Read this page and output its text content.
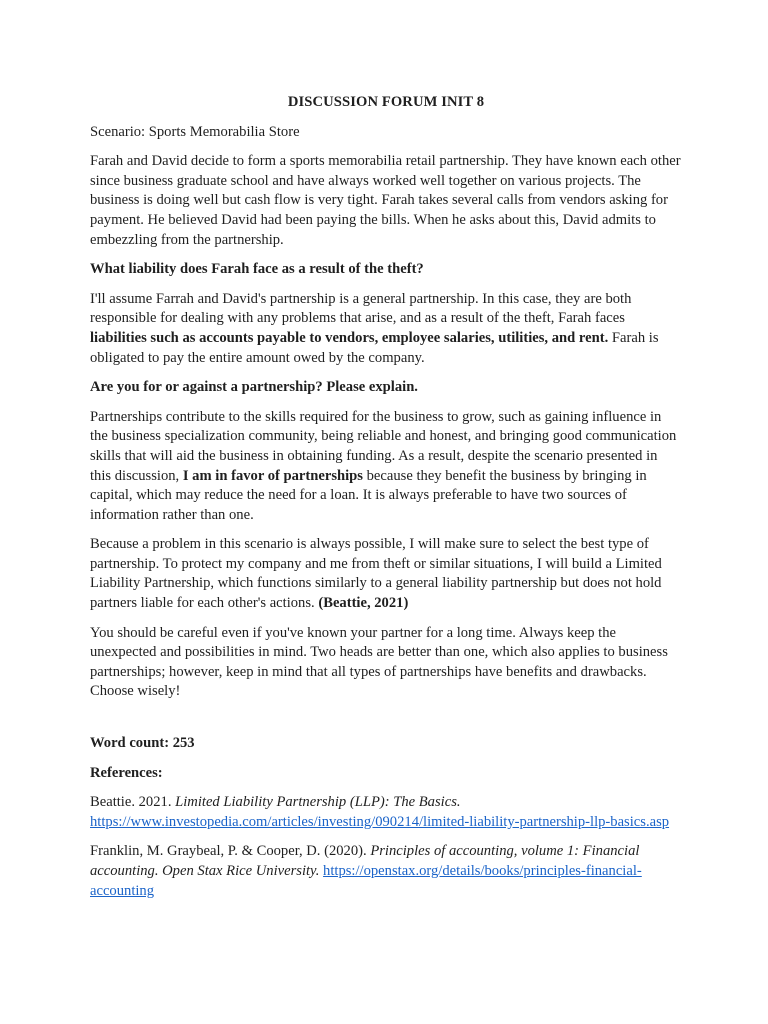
DISCUSSION FORUM INIT 8

Scenario: Sports Memorabilia Store

Farah and David decide to form a sports memorabilia retail partnership. They have known each other since business graduate school and have always worked well together on various projects. The business is doing well but cash flow is very tight. Farah takes several calls from vendors asking for payment. He believed David had been paying the bills. When he asks about this, David admits to embezzling from the partnership.

What liability does Farah face as a result of the theft?

I'll assume Farrah and David's partnership is a general partnership. In this case, they are both responsible for dealing with any problems that arise, and as a result of the theft, Farah faces liabilities such as accounts payable to vendors, employee salaries, utilities, and rent. Farah is obligated to pay the entire amount owed by the company.

Are you for or against a partnership? Please explain.

Partnerships contribute to the skills required for the business to grow, such as gaining influence in the business specialization community, being reliable and honest, and bringing good communication skills that will aid the business in obtaining funding. As a result, despite the scenario presented in this discussion, I am in favor of partnerships because they benefit the business by bringing in capital, which may reduce the need for a loan. It is always preferable to have two sources of information rather than one.

Because a problem in this scenario is always possible, I will make sure to select the best type of partnership. To protect my company and me from theft or similar situations, I will build a Limited Liability Partnership, which functions similarly to a general liability partnership but does not hold partners liable for each other's actions. (Beattie, 2021)

You should be careful even if you've known your partner for a long time. Always keep the unexpected and possibilities in mind. Two heads are better than one, which also applies to business partnerships; however, keep in mind that all types of partnerships have benefits and drawbacks. Choose wisely!

Word count: 253

References:

Beattie. 2021. Limited Liability Partnership (LLP): The Basics. https://www.investopedia.com/articles/investing/090214/limited-liability-partnership-llp-basics.asp

Franklin, M. Graybeal, P. & Cooper, D. (2020). Principles of accounting, volume 1: Financial accounting. Open Stax Rice University. https://openstax.org/details/books/principles-financial-accounting
